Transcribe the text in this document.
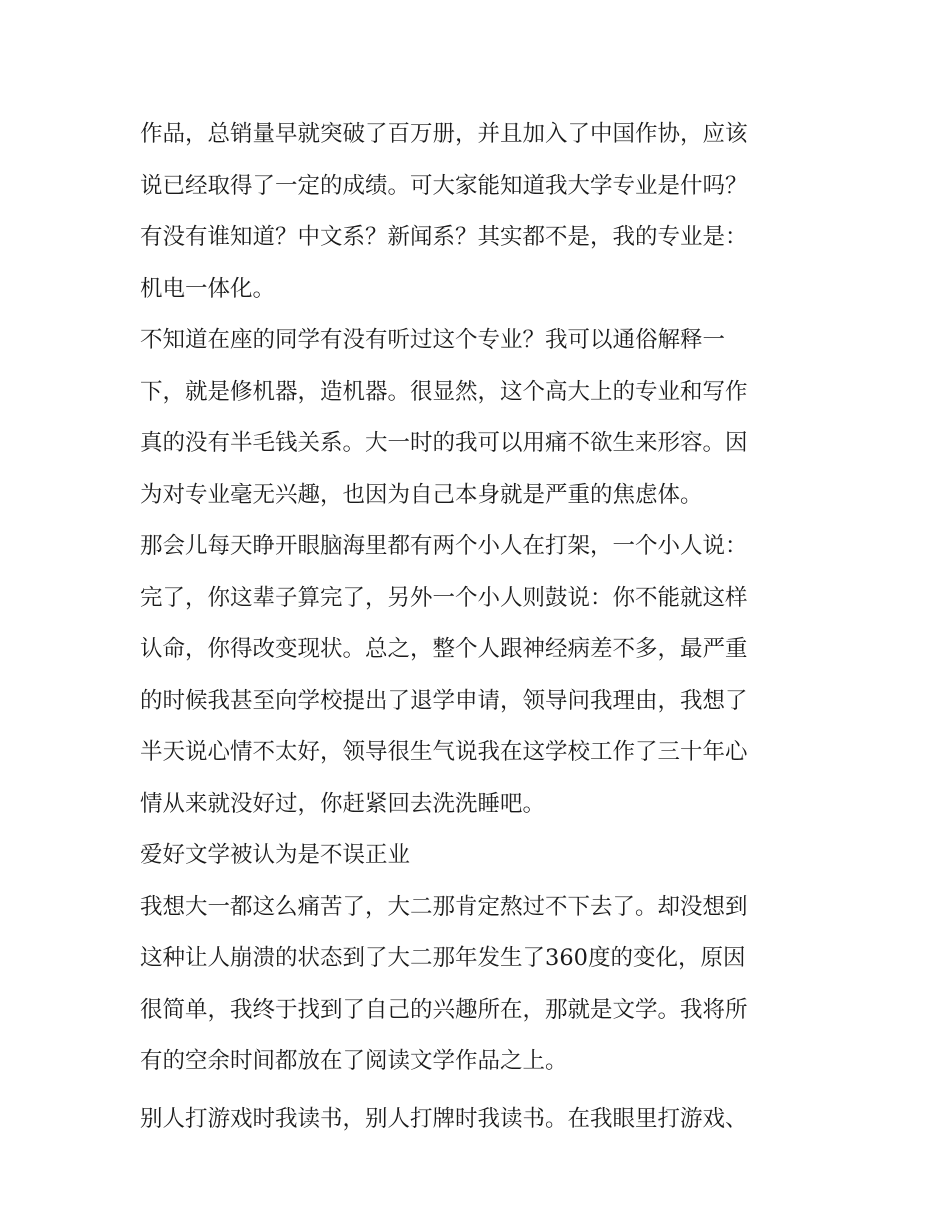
作品，总销量早就突破了百万册，并且加入了中国作协，应该

说已经取得了一定的成绩。可大家能知道我大学专业是什吗？

有没有谁知道？中文系？新闻系？其实都不是，我的专业是：

机电一体化。

不知道在座的同学有没有听过这个专业？我可以通俗解释一

下，就是修机器，造机器。很显然，这个高大上的专业和写作

真的没有半毛钱关系。大一时的我可以用痛不欲生来形容。因

为对专业毫无兴趣，也因为自己本身就是严重的焦虑体。

那会儿每天睁开眼脑海里都有两个小人在打架，一个小人说：

完了，你这辈子算完了，另外一个小人则鼓说：你不能就这样

认命，你得改变现状。总之，整个人跟神经病差不多，最严重

的时候我甚至向学校提出了退学申请，领导问我理由，我想了

半天说心情不太好，领导很生气说我在这学校工作了三十年心

情从来就没好过，你赶紧回去洗洗睡吧。

爱好文学被认为是不误正业

我想大一都这么痛苦了，大二那肯定熬过不下去了。却没想到

这种让人崩溃的状态到了大二那年发生了360度的变化，原因

很简单，我终于找到了自己的兴趣所在，那就是文学。我将所

有的空余时间都放在了阅读文学作品之上。

别人打游戏时我读书，别人打牌时我读书。在我眼里打游戏、
